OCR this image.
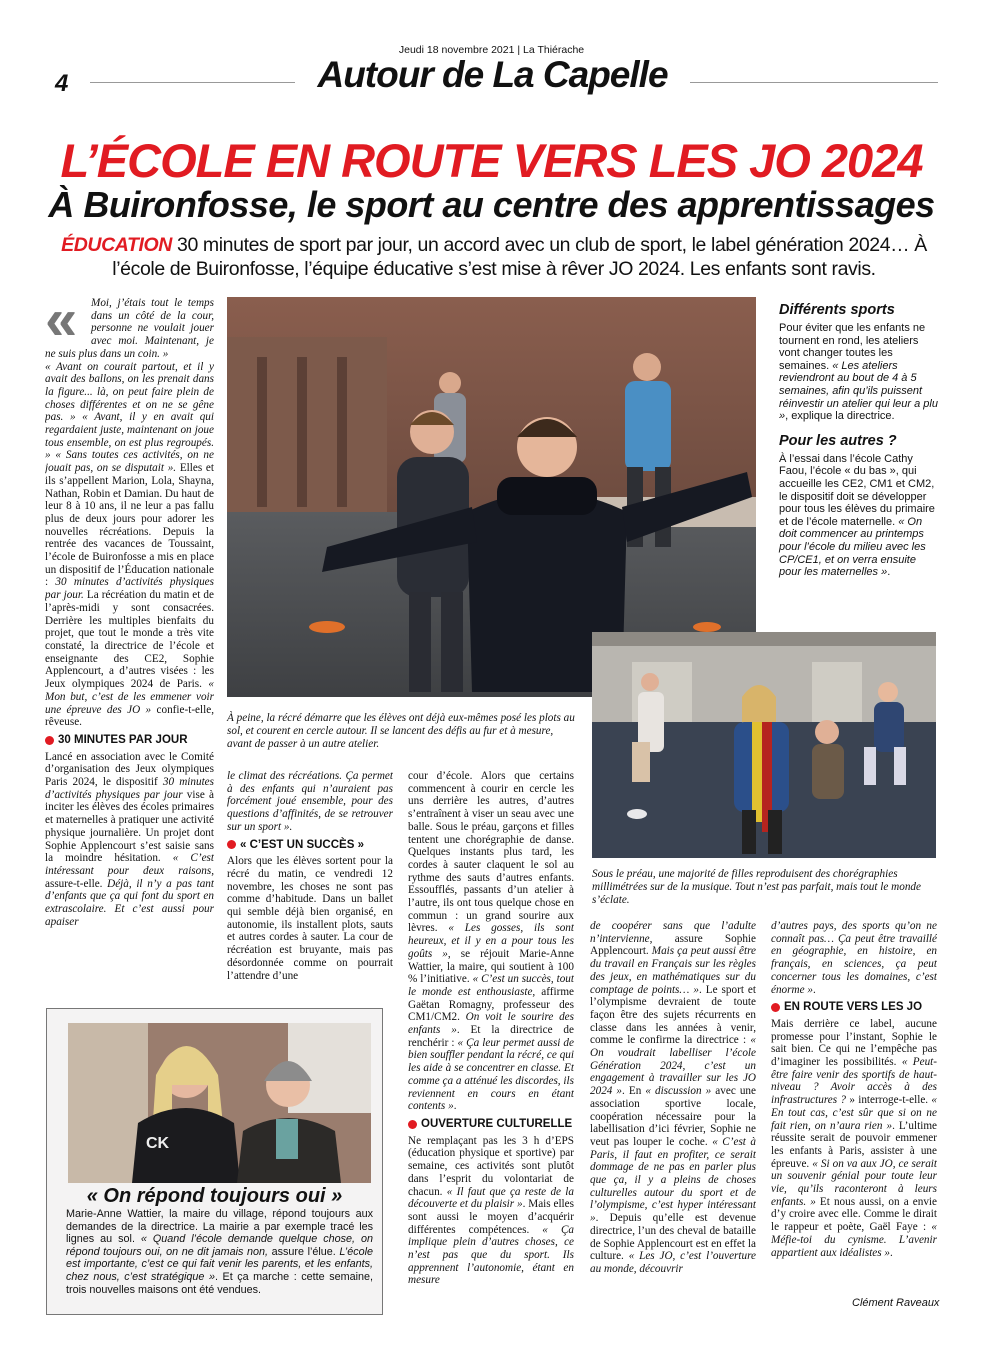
Jeudi 18 novembre 2021 | La Thiérache
4	Autour de La Capelle
L’ÉCOLE EN ROUTE VERS LES JO 2024
À Buironfosse, le sport au centre des apprentissages
ÉDUCATION 30 minutes de sport par jour, un accord avec un club de sport, le label génération 2024… À l’école de Buironfosse, l’équipe éducative s’est mise à rêver JO 2024. Les enfants sont ravis.
«	Moi, j’étais tout le temps dans un côté de la cour, personne ne voulait jouer avec moi. Maintenant, je ne suis plus dans un coin. »

« Avant on courait partout, et il y avait des ballons, on les prenait dans la figure... là, on peut faire plein de choses différentes et on ne se gêne pas. » « Avant, il y en avait qui regardaient juste, maintenant on joue tous ensemble, on est plus regroupés. » « Sans toutes ces activités, on ne jouait pas, on se disputait ». Elles et ils s’appellent Marion, Lola, Shayna, Nathan, Robin et Damian. Du haut de leur 8 à 10 ans, il ne leur a pas fallu plus de deux jours pour adorer les nouvelles récréations. Depuis la rentrée des vacances de Toussaint, l’école de Buironfosse a mis en place un dispositif de l’Éducation nationale : 30 minutes d’activités physiques par jour. La récréation du matin et de l’après-midi y sont consacrées. Derrière les multiples bienfaits du projet, que tout le monde a très vite constaté, la directrice de l’école et enseignante des CE2, Sophie Applencourt, a d’autres visées : les Jeux olympiques 2024 de Paris. « Mon but, c’est de les emmener voir une épreuve des JO » confie-t-elle, rêveuse.

30 MINUTES PAR JOUR

Lancé en association avec le Comité d’organisation des Jeux olympiques Paris 2024, le dispositif 30 minutes d’activités physiques par jour vise à inciter les élèves des écoles primaires et maternelles à pratiquer une activité physique journalière. Un projet dont Sophie Applencourt s’est saisie sans la moindre hésitation. « C’est intéressant pour deux raisons, assure-t-elle. Déjà, il n’y a pas tant d’enfants que ça qui font du sport en extrascolaire. Et c’est aussi pour apaiser

À peine, la récré démarre que les élèves ont déjà eux-mêmes posé les plots au sol, et courent en cercle autour. Il se lancent des défis au fur et à mesure, avant de passer à un autre atelier.
Différents sports

Pour éviter que les enfants ne tournent en rond, les ateliers vont changer toutes les semaines. « Les ateliers reviendront au bout de 4 à 5 semaines, afin qu’ils puissent réinvestir un atelier qui leur a plu », explique la directrice.

Pour les autres ?

À l’essai dans l’école Cathy Faou, l’école « du bas », qui accueille les CE2, CM1 et CM2, le dispositif doit se développer pour tous les élèves du primaire et de l’école maternelle. « On doit commencer au printemps pour l’école du milieu avec les CP/CE1, et on verra ensuite pour les maternelles ».

Sous le préau, une majorité de filles reproduisent des chorégraphies millimétrées sur de la musique. Tout n’est pas parfait, mais tout le monde s’éclate.

le climat des récréations. Ça permet à des enfants qui n’auraient pas forcément joué ensemble, pour des questions d’affinités, de se retrouver sur un sport ».

« C’EST UN SUCCÈS »

Alors que les élèves sortent pour la récré du matin, ce vendredi 12 novembre, les choses ne sont pas comme d’habitude. Dans un ballet qui semble déjà bien organisé, en autonomie, ils installent plots, sauts et autres cordes à sauter. La cour de récréation est bruyante, mais pas désordonnée comme on pourrait l’attendre d’une

cour d’école. Alors que certains commencent à courir en cercle les uns derrière les autres, d’autres s’entraînent à viser un seau avec une balle. Sous le préau, garçons et filles tentent une chorégraphie de danse. Quelques instants plus tard, les cordes à sauter claquent le sol au rythme des sauts d’autres enfants. Essoufflés, passants d’un atelier à l’autre, ils ont tous quelque chose en commun : un grand sourire aux lèvres. « Les gosses, ils sont heureux, et il y en a pour tous les goûts », se réjouit Marie-Anne Wattier, la maire, qui soutient à 100 % l’initiative. « C’est un succès, tout le monde est enthousiaste, affirme Gaëtan Romagny, professeur des CM1/CM2. On voit le sourire des enfants ». Et la directrice de renchérir : « Ça leur permet aussi de bien souffler pendant la récré, ce qui les aide à se concentrer en classe. Et comme ça a atténué les discordes, ils reviennent en cours en étant contents ».

OUVERTURE CULTURELLE

Ne remplaçant pas les 3 h d’EPS (éducation physique et sportive) par semaine, ces activités sont plutôt dans l’esprit du volontariat de chacun. « Il faut que ça reste de la découverte et du plaisir ». Mais elles sont aussi le moyen d’acquérir différentes compétences. « Ça implique plein d’autres choses, ce n’est pas que du sport. Ils apprennent l’autonomie, étant en mesure

de coopérer sans que l’adulte n’intervienne, assure Sophie Applencourt. Mais ça peut aussi être du travail en Français sur les règles des jeux, en mathématiques sur du comptage de points… ». Le sport et l’olympisme devraient de toute façon être des sujets récurrents en classe dans les années à venir, comme le confirme la directrice : « On voudrait labelliser l’école Génération 2024, c’est un engagement à travailler sur les JO 2024 ». En « discussion » avec une association sportive locale, coopération nécessaire pour la labellisation d’ici février, Sophie ne veut pas louper le coche. « C’est à Paris, il faut en profiter, ce serait dommage de ne pas en parler plus que ça, il y a pleins de choses culturelles autour du sport et de l’olympisme, c’est hyper intéressant ». Depuis qu’elle est devenue directrice, l’un des cheval de bataille de Sophie Applencourt est en effet la culture. « Les JO, c’est l’ouverture au monde, découvrir

d’autres pays, des sports qu’on ne connaît pas… Ça peut être travaillé en géographie, en histoire, en français, en sciences, ça peut concerner tous les domaines, c’est énorme ».

EN ROUTE VERS LES JO

Mais derrière ce label, aucune promesse pour l’instant, Sophie le sait bien. Ce qui ne l’empêche pas d’imaginer les possibilités. « Peut-être faire venir des sportifs de haut-niveau ? Avoir accès à des infrastructures ? » interroge-t-elle. « En tout cas, c’est sûr que si on ne fait rien, on n’aura rien ». L’ultime réussite serait de pouvoir emmener les enfants à Paris, assister à une épreuve. « Si on va aux JO, ce serait un souvenir génial pour toute leur vie, qu’ils raconteront à leurs enfants. » Et nous aussi, on a envie d’y croire avec elle. Comme le dirait le rappeur et poète, Gaël Faye : « Méfie-toi du cynisme. L’avenir appartient aux idéalistes ».

Clément Raveaux
CK
« On répond toujours oui »
Marie-Anne Wattier, la maire du village, répond toujours aux demandes de la directrice. La mairie a par exemple tracé les lignes au sol. « Quand l’école demande quelque chose, on répond toujours oui, on ne dit jamais non, assure l’élue. L’école est importante, c’est ce qui fait venir les parents, et les enfants, chez nous, c’est stratégique ». Et ça marche : cette semaine, trois nouvelles maisons ont été vendues.
